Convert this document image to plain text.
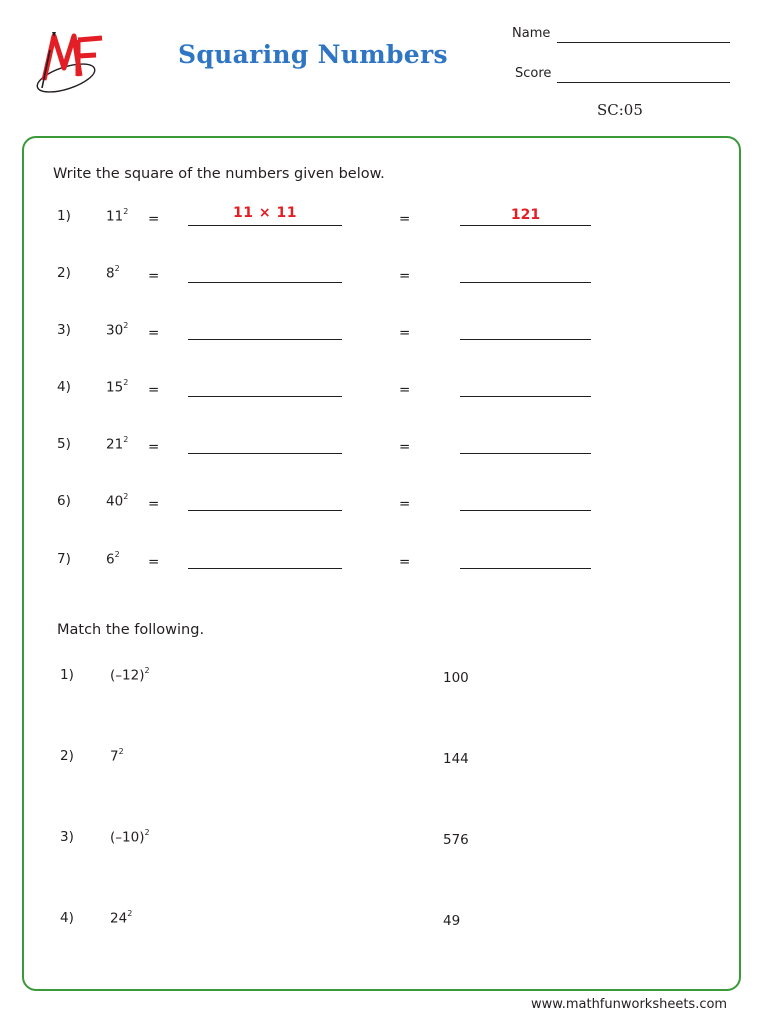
Squaring Numbers
Name
Score
SC:05
Write the square of the numbers given below.
1)	$11^2$ =	11 × 11	=	121
2)	$8^2$ =	=
3)	$30^2$ =	=
4)	$15^2$ =	=
5)	$21^2$ =	=
6)	$40^2$ =	=
7)	$6^2$ =	=
Match the following.
1)	$(-12)^2$	100
2)	$7^2$	144
3)	$(-10)^2$	576
4)	$24^2$	49
www.mathfunworksheets.com
